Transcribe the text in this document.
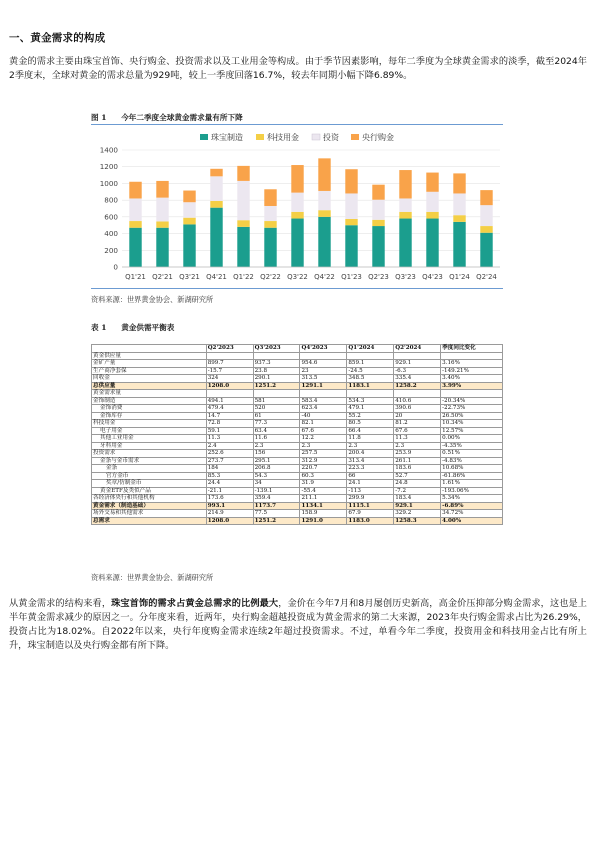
一、黄金需求的构成
黄金的需求主要由珠宝首饰、央行购金、投资需求以及工业用金等构成。由于季节因素影响，每年二季度为全球黄金需求的淡季，截至2024年2季度末，全球对黄金的需求总量为929吨，较上一季度回落16.7%，较去年同期小幅下降6.89%。
图 1 今年二季度全球黄金需求量有所下降
珠宝制造	科技用金	投资	央行购金
0
200
400
600
800
1000
1200
1400
Q1'21 Q2'21 Q3'21 Q4'21 Q1'22 Q2'22 Q3'22 Q4'22 Q1'23 Q2'23 Q3'23 Q4'23 Q1'24 Q2'24
资料来源：世界黄金协会、新湖研究所
表 1 黄金供需平衡表
	Q2'2023	Q3'2023	Q4'2023	Q1'2024	Q2'2024	季度同比变化
黄金供应量						
金矿产量	899.7	937.3	954.6	859.1	929.1	3.16%
生产商净套保	-15.7	23.8	23	-24.5	-6.3	-149.21%
回收金	324	290.1	313.5	348.5	335.4	3.40%
总供应量	1208.0	1251.2	1291.1	1183.1	1258.2	3.99%
黄金需求量						
金饰制造	494.1	581	583.4	534.3	410.6	-20.34%
金饰消费	479.4	520	623.4	479.1	390.6	-22.73%
金饰库存	14.7	61	-40	55.2	20	26.50%
科技用金	72.8	77.3	82.1	80.5	81.2	10.34%
电子用金	59.1	63.4	67.6	66.4	67.6	12.57%
其他工业用金	11.3	11.6	12.2	11.8	11.3	0.00%
牙科用金	2.4	2.3	2.3	2.3	2.3	-4.35%
投资需求	252.6	156	257.5	200.4	253.9	0.51%
金条与金币需求	273.7	295.1	312.9	313.4	261.1	-4.83%
金条	184	206.8	220.7	223.3	183.6	10.68%
官方金币	85.3	54.3	60.3	66	52.7	-61.86%
奖章/仿制金币	24.4	34	31.9	24.1	24.8	1.61%
黄金ETF及类似产品	-21.1	-139.1	-55.4	-113	-7.2	-193.06%
各经济体央行和其他机构	173.6	359.4	211.1	299.9	183.4	5.34%
黄金需求（制造基础）	993.1	1173.7	1134.1	1115.1	929.1	-6.89%
场外交易和其他需求	214.9	77.5	158.9	67.9	329.2	34.72%
总需求	1208.0	1251.2	1291.0	1183.0	1258.3	4.00%
资料来源：世界黄金协会、新湖研究所
从黄金需求的结构来看，珠宝首饰的需求占黄金总需求的比例最大，金价在今年7月和8月屡创历史新高，高金价压抑部分购金需求，这也是上半年黄金需求减少的原因之一。分年度来看，近两年，央行购金超越投资成为黄金需求的第二大来源，2023年央行购金需求占比为26.29%，投资占比为18.02%。自2022年以来，央行年度购金需求连续2年超过投资需求。不过，单看今年二季度，投资用金和科技用金占比有所上升，珠宝制造以及央行购金都有所下降。
